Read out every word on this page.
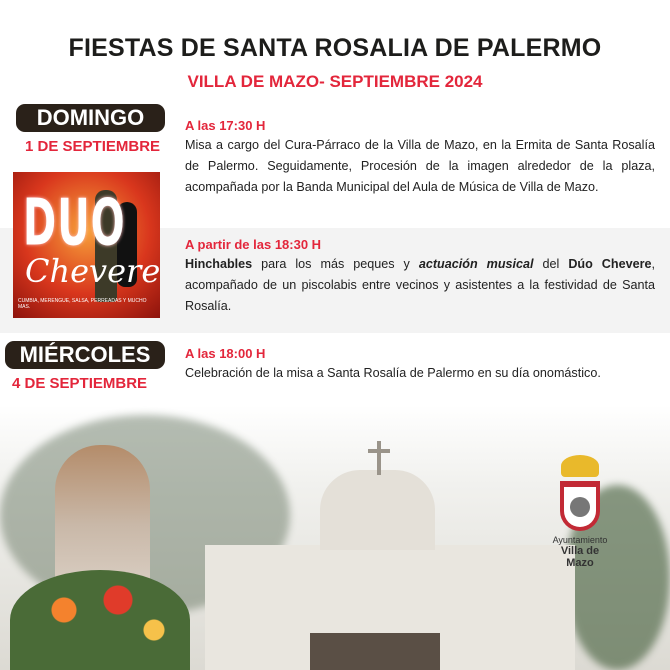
FIESTAS DE SANTA ROSALIA DE PALERMO
VILLA DE MAZO- SEPTIEMBRE 2024
DOMINGO
1 DE SEPTIEMBRE
DUO
Chevere
CUMBIA, MERENGUE, SALSA, PERREADAS Y MUCHO MAS.
A las 17:30 H

Misa a cargo del Cura-Párraco de la Villa de Mazo, en la Ermita de Santa Rosalía de Palermo. Seguidamente, Procesión de la imagen alrededor de la plaza, acompañada por la Banda Municipal del Aula de Música de Villa de Mazo.

A partir de las 18:30 H

Hinchables para los más peques y actuación musical del Dúo Chevere, acompañado de un piscolabis entre vecinos y asistentes a la festividad de Santa Rosalía.

MIÉRCOLES
4 DE SEPTIEMBRE
A las 18:00 H

Celebración de la misa a Santa Rosalía de Palermo en su día onomástico.

Ayuntamiento
Villa de Mazo
